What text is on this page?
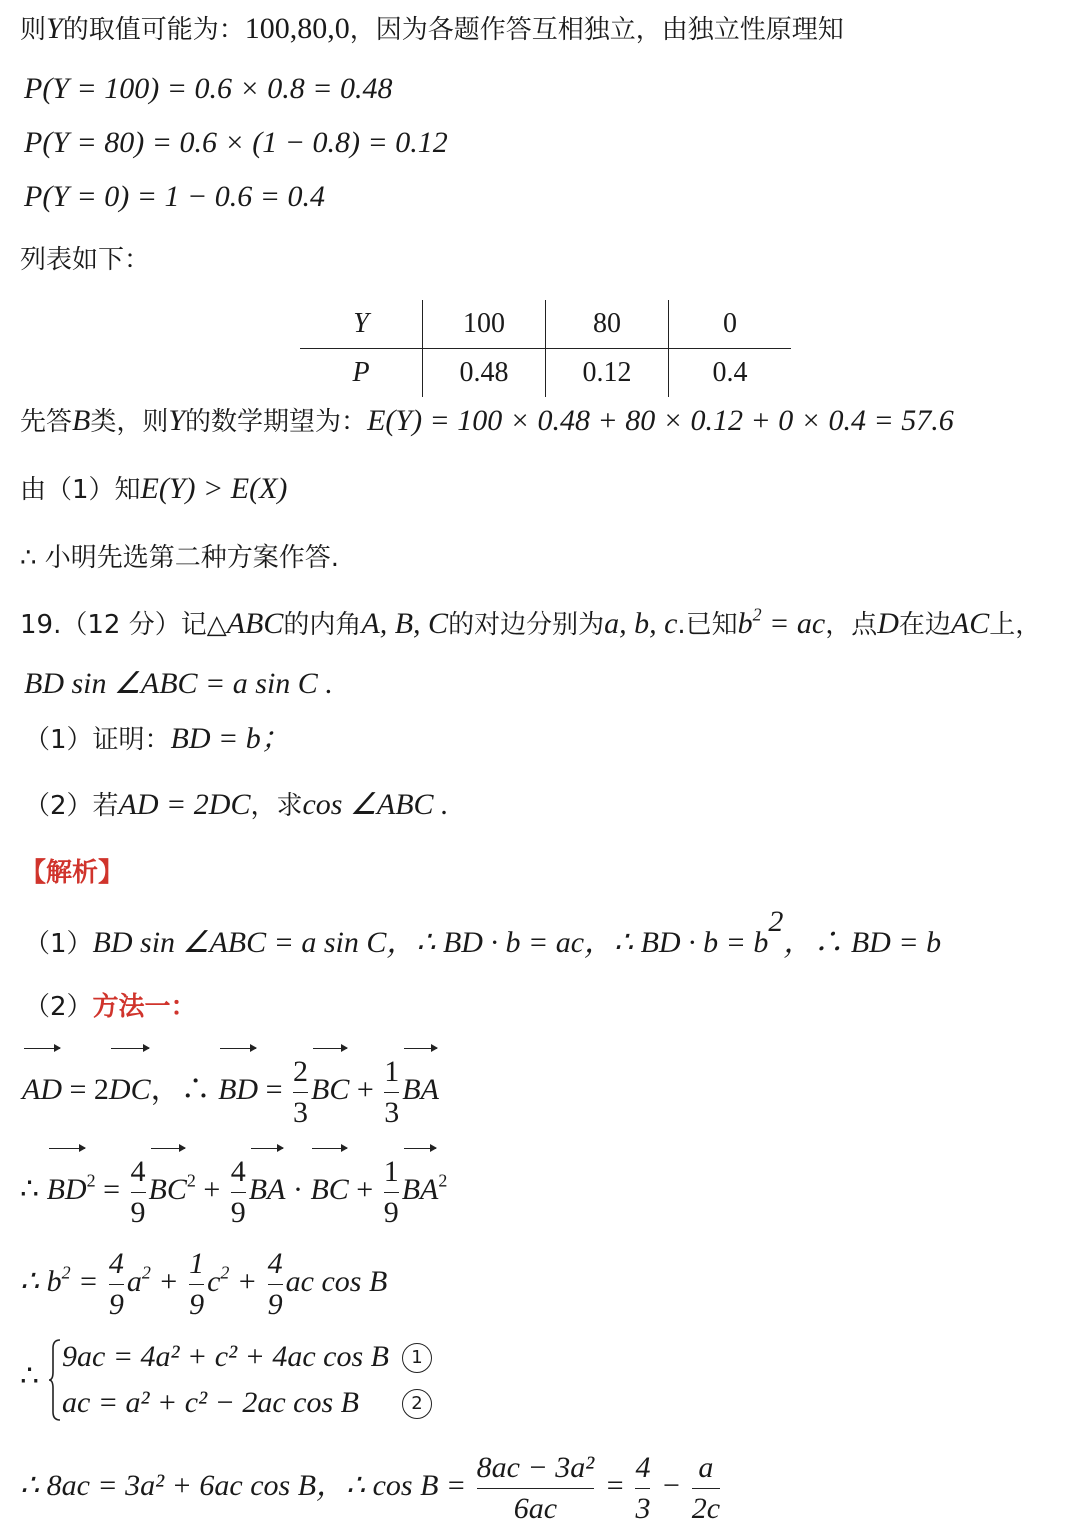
则Y的取值可能为：100,80,0，因为各题作答互相独立，由独立性原理知
P(Y = 100) = 0.6 × 0.8 = 0.48
P(Y = 80) = 0.6 × (1 − 0.8) = 0.12
P(Y = 0) = 1 − 0.6 = 0.4
列表如下：
Y	100	80	0
P	0.48	0.12	0.4
先答B类，则Y的数学期望为：E(Y) = 100 × 0.48 + 80 × 0.12 + 0 × 0.4 = 57.6
由（1）知E(Y) > E(X)
∴ 小明先选第二种方案作答.
19.（12 分）记△ABC的内角A, B, C的对边分别为a, b, c.已知$b^2$ = ac，点D在边AC上，
BD sin ∠ABC = a sin C .
（1）证明：BD = b；
（2）若AD = 2DC，求cos ∠ABC .
【解析】
（1）BD sin ∠ABC = a sin C，∴ BD · b = ac，∴ BD · $b = b^2$，∴ BD = b
（2）方法一：
AD = 2DC，∴ BD = $\frac{2}{3}$ BC + $\frac{1}{3}$ BA
∴ $BD^2 = \frac{4}{9} BC^2 + \frac{4}{9}$ BA · BC + $\frac{1}{9} BA^2$
∴ $b^2 = \frac{4}{9} a^2 + \frac{1}{9} c^2 + \frac{4}{9}$ ac cos B
∴
9ac = 4a² + c² + 4ac cos B
ac = a² + c² − 2ac cos B
1
2
∴ 8ac = 3a² + 6ac cos B，∴ $\cos B = \frac{\text{8ac − 3a²}}{6ac} = \frac{4}{3} - \frac{a}{2c}$
